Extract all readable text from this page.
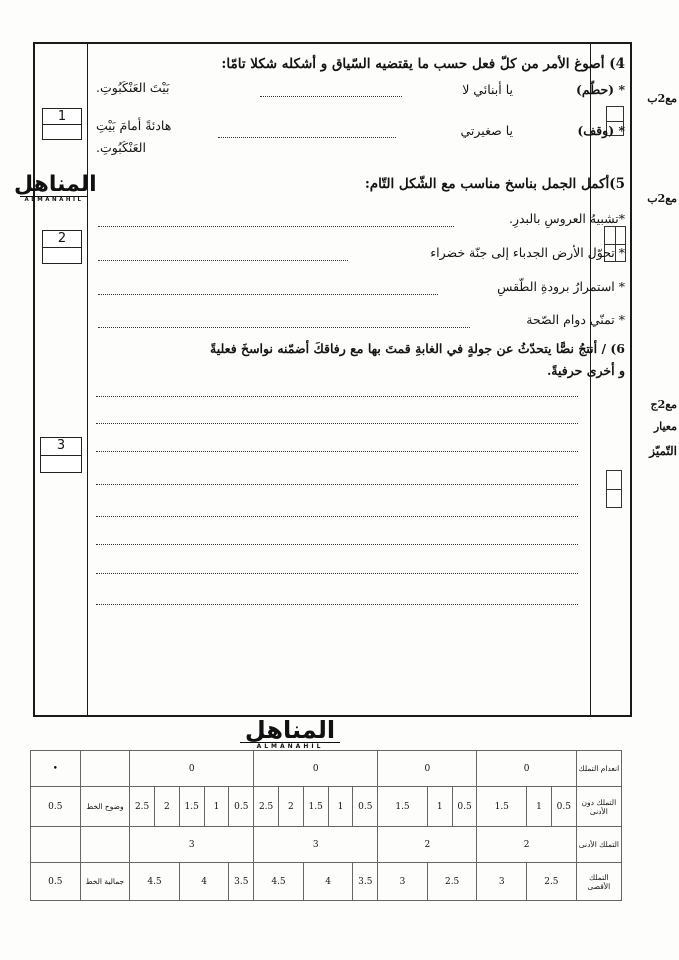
1
2
3
المناهل
ALMANAHIL
مع2ب
مع2ب
مع2ج
معيار
التّميّز
4) أصوغ الأمر من كلّ فعل حسب ما يقتضيه السّياق و أشكله شكلا تامّا:
* (حطّم)
يا أبنائي لا
بَيْتَ العَنْكَبُوتِ.
* (وقف)
يا صغيرتي
هادئةً أمامَ بَيْتِ
العَنْكَبُوتِ.
5)أكمل الجمل بناسخ مناسب مع الشّكل التّام:
*تشبيهُ العروسِ بالبدرِ.
* تحوّل الأرض الجدباء إلى جنّة خضراء
* استمرارُ برودةِ الطّقسِ
* تمنّي دوام الصّحة
6) / أنتجُ نصًّا يتحدّثُ عن جولةٍ في الغابةِ قمتَ بها مع رفاقكَ أضمّنه نواسخَ فعليةً
و أخرى حرفيةً.
المناهل
ALMANAHIL
•		0					0					0			0			انعدام التملك
0.5	وضوح الخط	2.5	2	1.5	1	0.5	2.5	2	1.5	1	0.5	1.5	1	0.5	1.5	1	0.5	التملك دون الأدنى
		3					3					2			2			التملك الأدنى
0.5	جمالية الخط	4.5		4		3.5	4.5		4		3.5	3	2.5		3	2.5		التملك الأقصى
